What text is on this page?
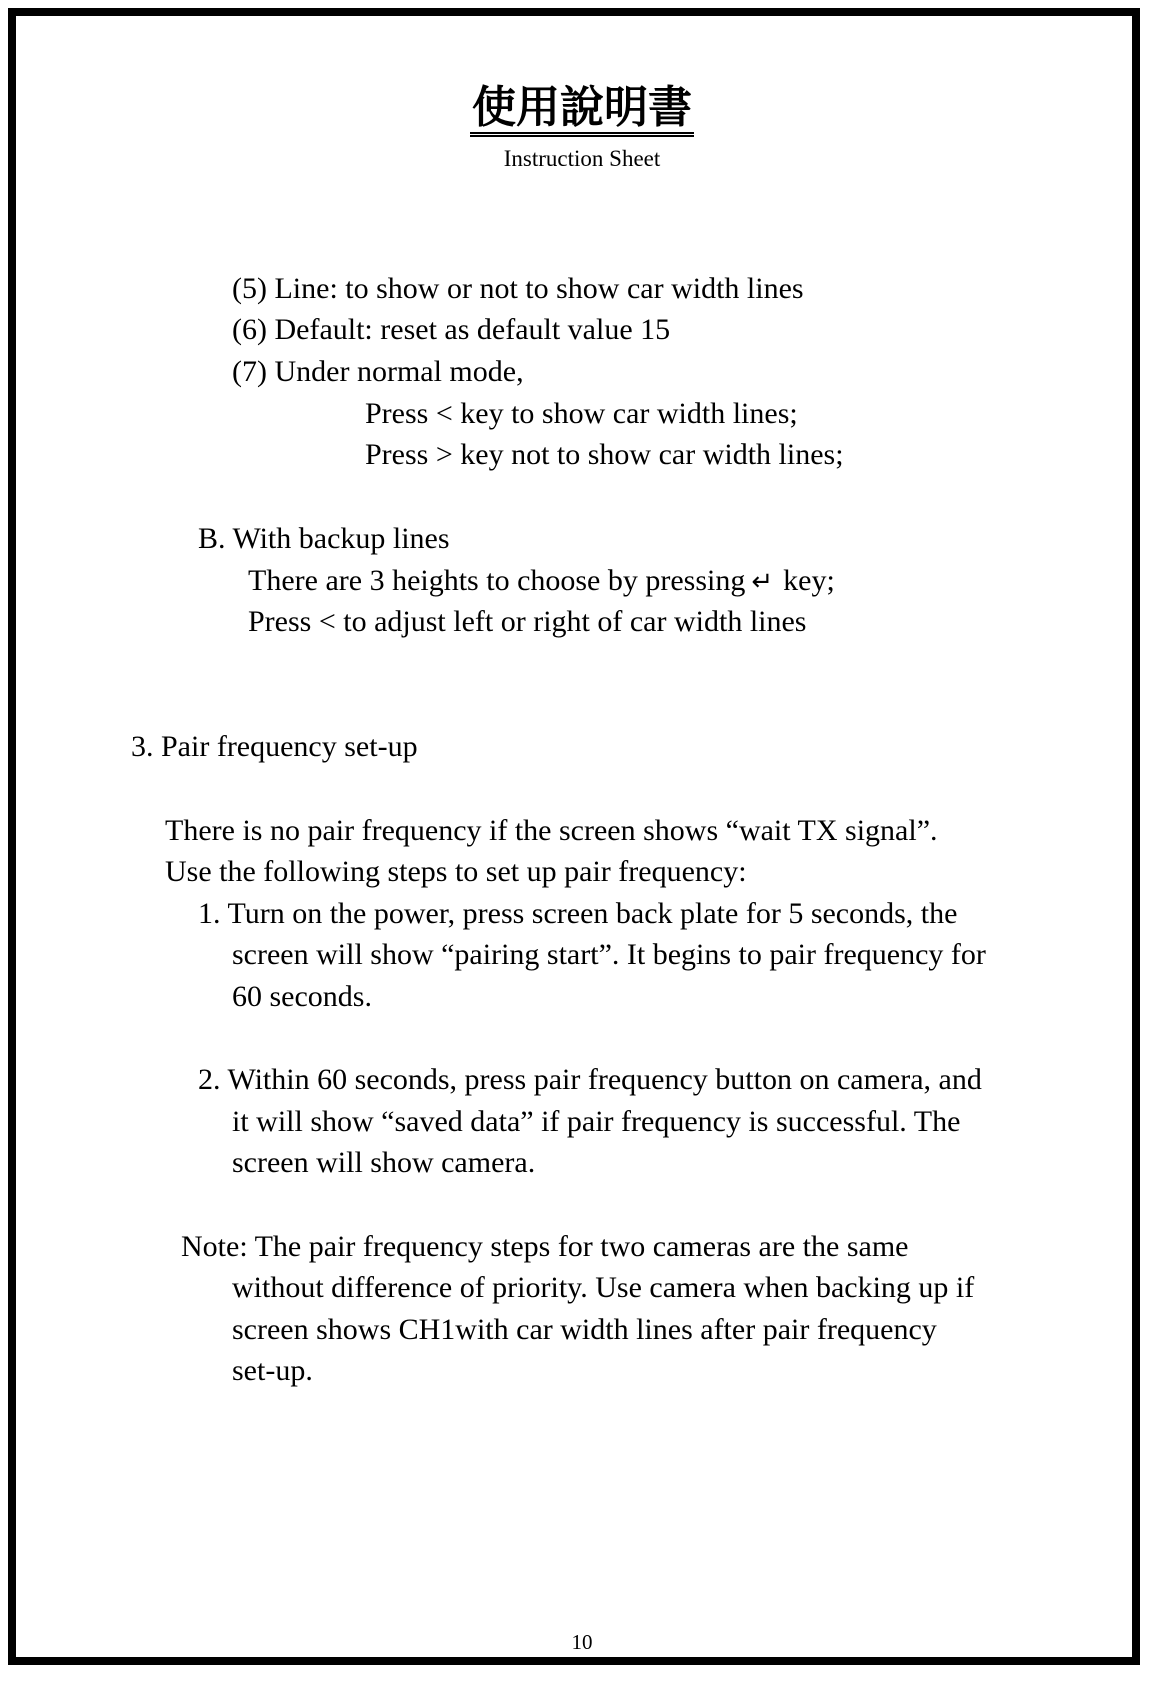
使用說明書
Instruction Sheet
(5) Line: to show or not to show car width lines
(6) Default: reset as default value 15
(7) Under normal mode,
Press < key to show car width lines;
Press > key not to show car width lines;
B. With backup lines
There are 3 heights to choose by pressing ↵ key;
Press < to adjust left or right of car width lines
3. Pair frequency set-up
There is no pair frequency if the screen shows “wait TX signal”.
Use the following steps to set up pair frequency:
1. Turn on the power, press screen back plate for 5 seconds, the
screen will show “pairing start”. It begins to pair frequency for
60 seconds.
2. Within 60 seconds, press pair frequency button on camera, and
it will show “saved data” if pair frequency is successful. The
screen will show camera.
Note: The pair frequency steps for two cameras are the same
without difference of priority. Use camera when backing up if
screen shows CH1with car width lines after pair frequency
set-up.
10
